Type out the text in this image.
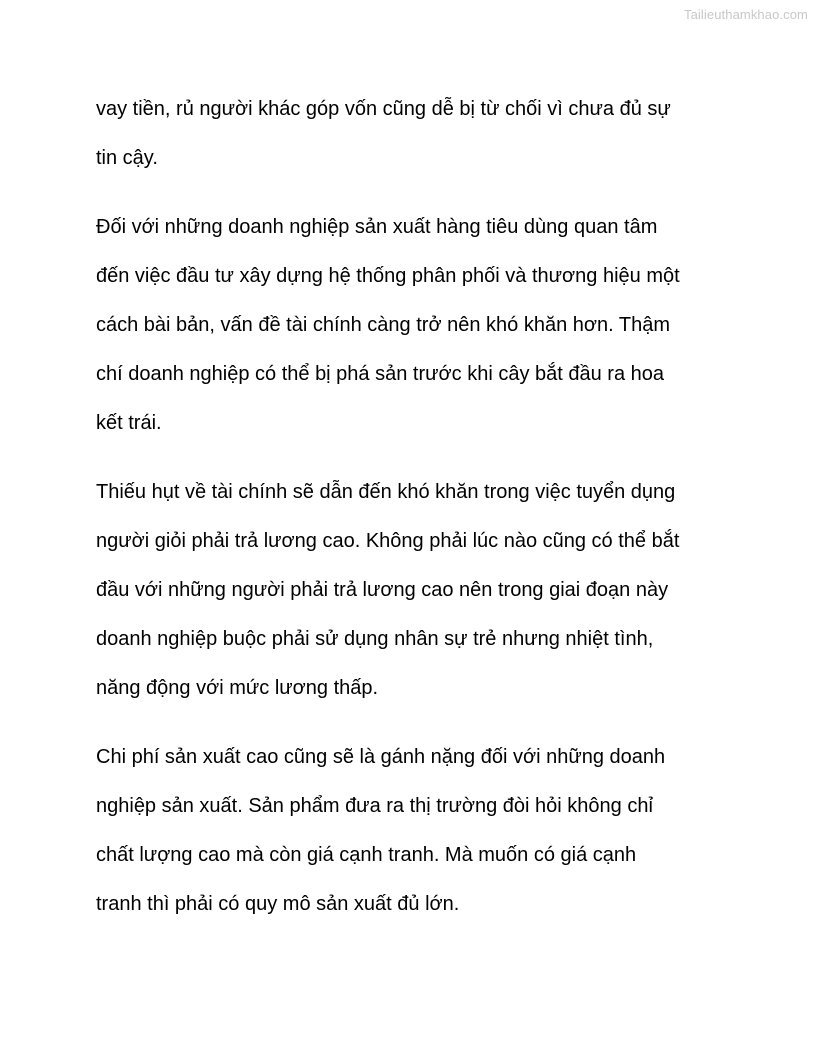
Tailieuthamkhao.com
vay tiền, rủ người khác góp vốn cũng dễ bị từ chối vì chưa đủ sự
tin cậy.
Đối với những doanh nghiệp sản xuất hàng tiêu dùng quan tâm
đến việc đầu tư xây dựng hệ thống phân phối và thương hiệu một
cách bài bản, vấn đề tài chính càng trở nên khó khăn hơn. Thậm
chí doanh nghiệp có thể bị phá sản trước khi cây bắt đầu ra hoa
kết trái.
Thiếu hụt về tài chính sẽ dẫn đến khó khăn trong việc tuyển dụng
người giỏi phải trả lương cao. Không phải lúc nào cũng có thể bắt
đầu với những người phải trả lương cao nên trong giai đoạn này
doanh nghiệp buộc phải sử dụng nhân sự trẻ nhưng nhiệt tình,
năng động với mức lương thấp.
Chi phí sản xuất cao cũng sẽ là gánh nặng đối với những doanh
nghiệp sản xuất. Sản phẩm đưa ra thị trường đòi hỏi không chỉ
chất lượng cao mà còn giá cạnh tranh. Mà muốn có giá cạnh
tranh thì phải có quy mô sản xuất đủ lớn.
